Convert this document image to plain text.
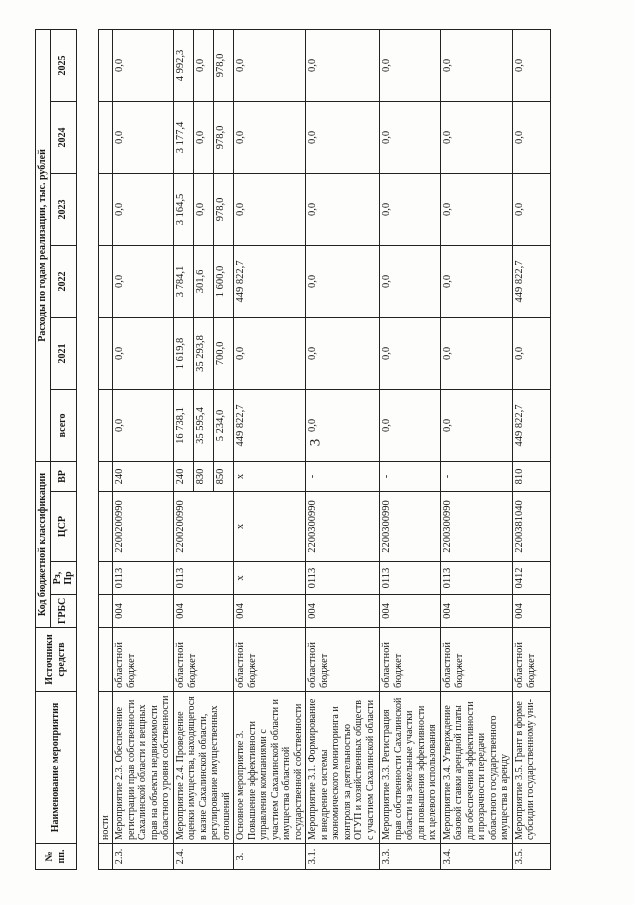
3
№ пп.	Наименование мероприятия	Источники средств	Код бюджетной классификации				Расходы по годам реализации, тыс. рублей					
			ГРБС	Рз, Пр	ЦСР	ВР	всего	2021	2022	2023	2024	2025

	ности											
2.3.	Мероприятие 2.3. Обеспечение регистрации прав собственности Сахалинской области и вещных прав на объекты недвижимости областного уровня собственности	областной бюджет	004	0113	2200200990	240	0,0	0,0	0,0	0,0	0,0	0,0
2.4.	Мероприятие 2.4. Проведение оценки имущества, находящегося в казне Сахалинской области, регулирование имущественных отношений	областной бюджет	004	0113	2200200990	240	16 738,1	1 619,8	3 784,1	3 164,5	3 177,4	4 992,3
						830	35 595,4	35 293,8	301,6	0,0	0,0	0,0
						850	5 234,0	700,0	1 600,0	978,0	978,0	978,0
3.	Основное мероприятие 3. Повышение эффективности управления компаниями с участием Сахалинской области и имущества областной государственной собственности	областной бюджет	004	х	х	х	449 822,7	0,0	449 822,7	0,0	0,0	0,0
3.1.	Мероприятие 3.1. Формирование и внедрение системы экономического мониторинга и контроля за деятельностью ОГУП и хозяйственных обществ с участием Сахалинской области	областной бюджет	004	0113	2200300990	-	0,0	0,0	0,0	0,0	0,0	0,0
3.3.	Мероприятие 3.3. Регистрация прав собственности Сахалинской области на земельные участки для повышения эффективности их целевого использования	областной бюджет	004	0113	2200300990	-	0,0	0,0	0,0	0,0	0,0	0,0
3.4.	Мероприятие 3.4. Утверждение базовой ставки арендной платы для обеспечения эффективности и прозрачности передачи областного государственного имущества в аренду	областной бюджет	004	0113	2200300990	-	0,0	0,0	0,0	0,0	0,0	0,0
3.5.	Мероприятие 3.5. Грант в форме субсидии государственному уни-	областной бюджет	004	0412	2200381040	810	449 822,7	0,0	449 822,7	0,0	0,0	0,0
